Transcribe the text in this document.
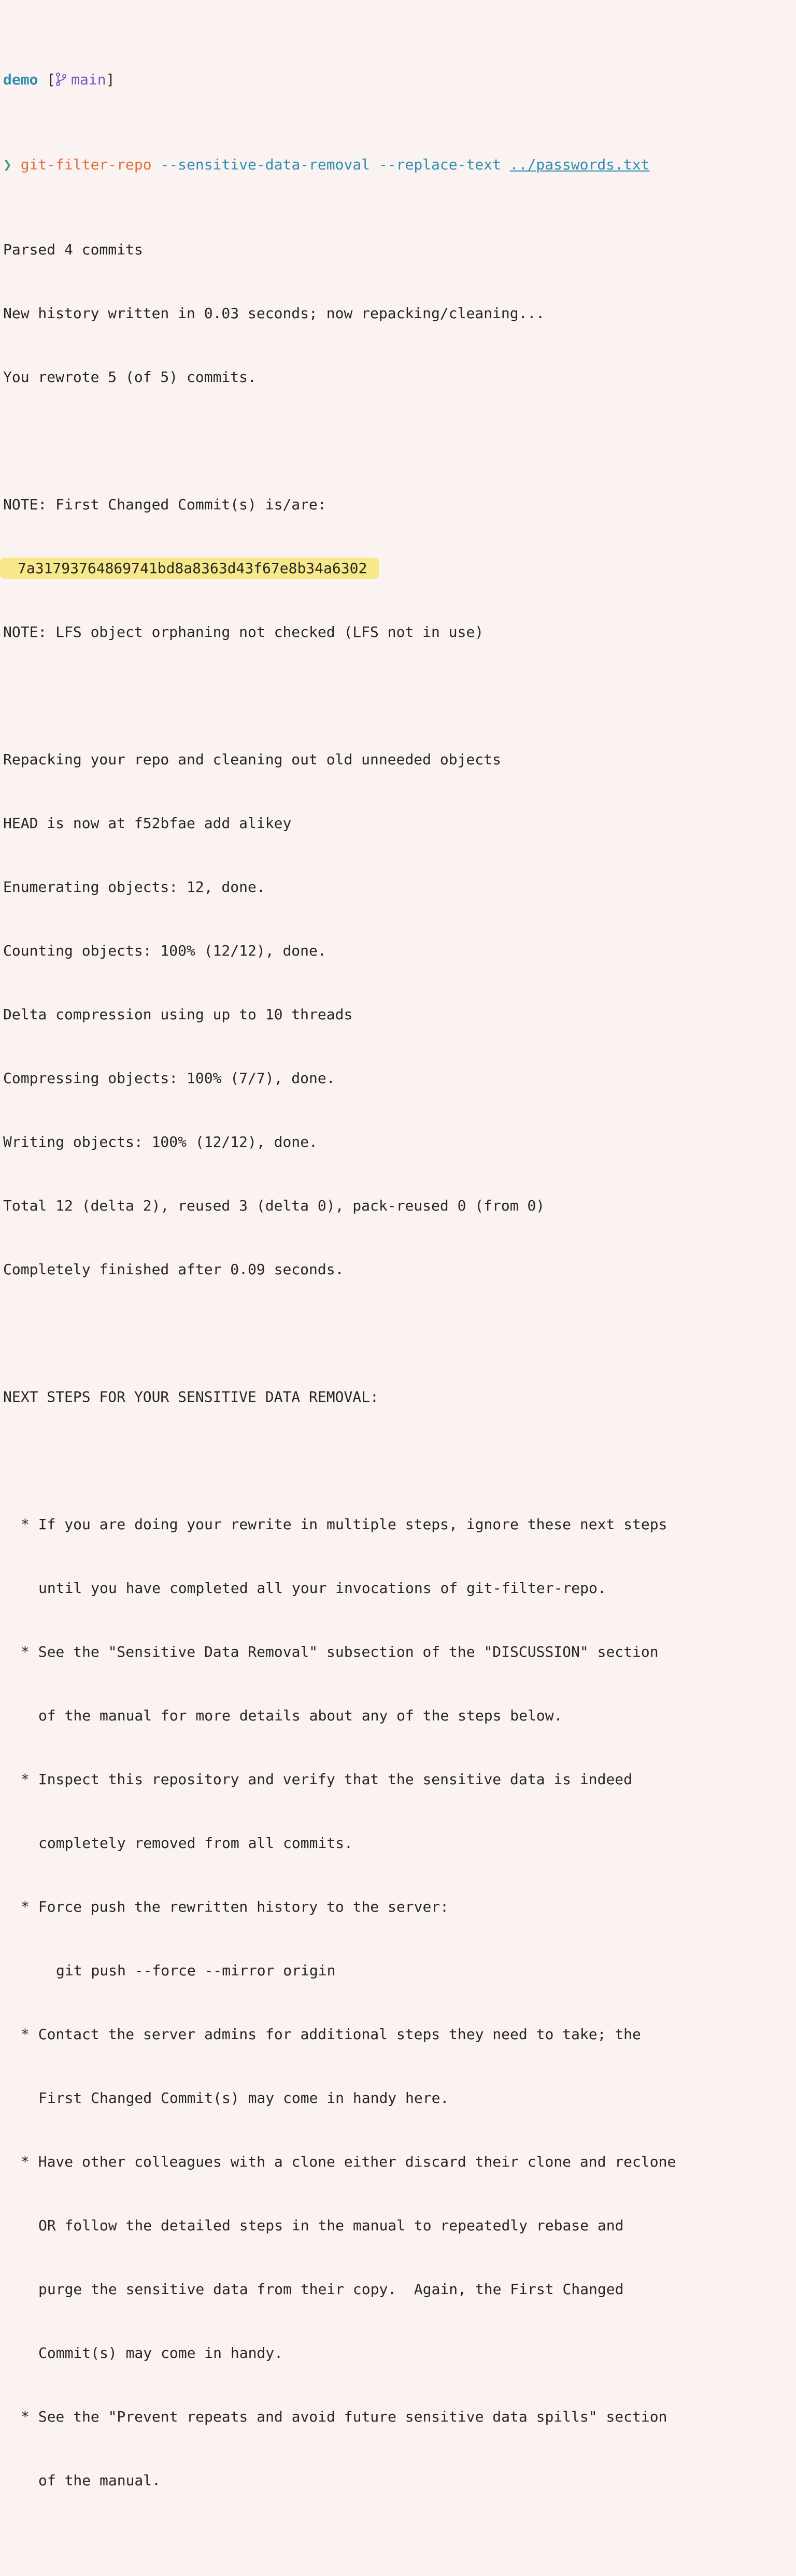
demo [ main]

❯ git-filter-repo --sensitive-data-removal --replace-text ../passwords.txt

Parsed 4 commits

New history written in 0.03 seconds; now repacking/cleaning...

You rewrote 5 (of 5) commits.

NOTE: First Changed Commit(s) is/are:

7a31793764869741bd8a8363d43f67e8b34a6302

NOTE: LFS object orphaning not checked (LFS not in use)

Repacking your repo and cleaning out old unneeded objects

HEAD is now at f52bfae add alikey

Enumerating objects: 12, done.

Counting objects: 100% (12/12), done.

Delta compression using up to 10 threads

Compressing objects: 100% (7/7), done.

Writing objects: 100% (12/12), done.

Total 12 (delta 2), reused 3 (delta 0), pack-reused 0 (from 0)

Completely finished after 0.09 seconds.

NEXT STEPS FOR YOUR SENSITIVE DATA REMOVAL:

* If you are doing your rewrite in multiple steps, ignore these next steps

until you have completed all your invocations of git-filter-repo.

* See the "Sensitive Data Removal" subsection of the "DISCUSSION" section

of the manual for more details about any of the steps below.

* Inspect this repository and verify that the sensitive data is indeed

completely removed from all commits.

* Force push the rewritten history to the server:

git push --force --mirror origin

* Contact the server admins for additional steps they need to take; the

First Changed Commit(s) may come in handy here.

* Have other colleagues with a clone either discard their clone and reclone

OR follow the detailed steps in the manual to repeatedly rebase and

purge the sensitive data from their copy.  Again, the First Changed

Commit(s) may come in handy.

* See the "Prevent repeats and avoid future sensitive data spills" section

of the manual.
